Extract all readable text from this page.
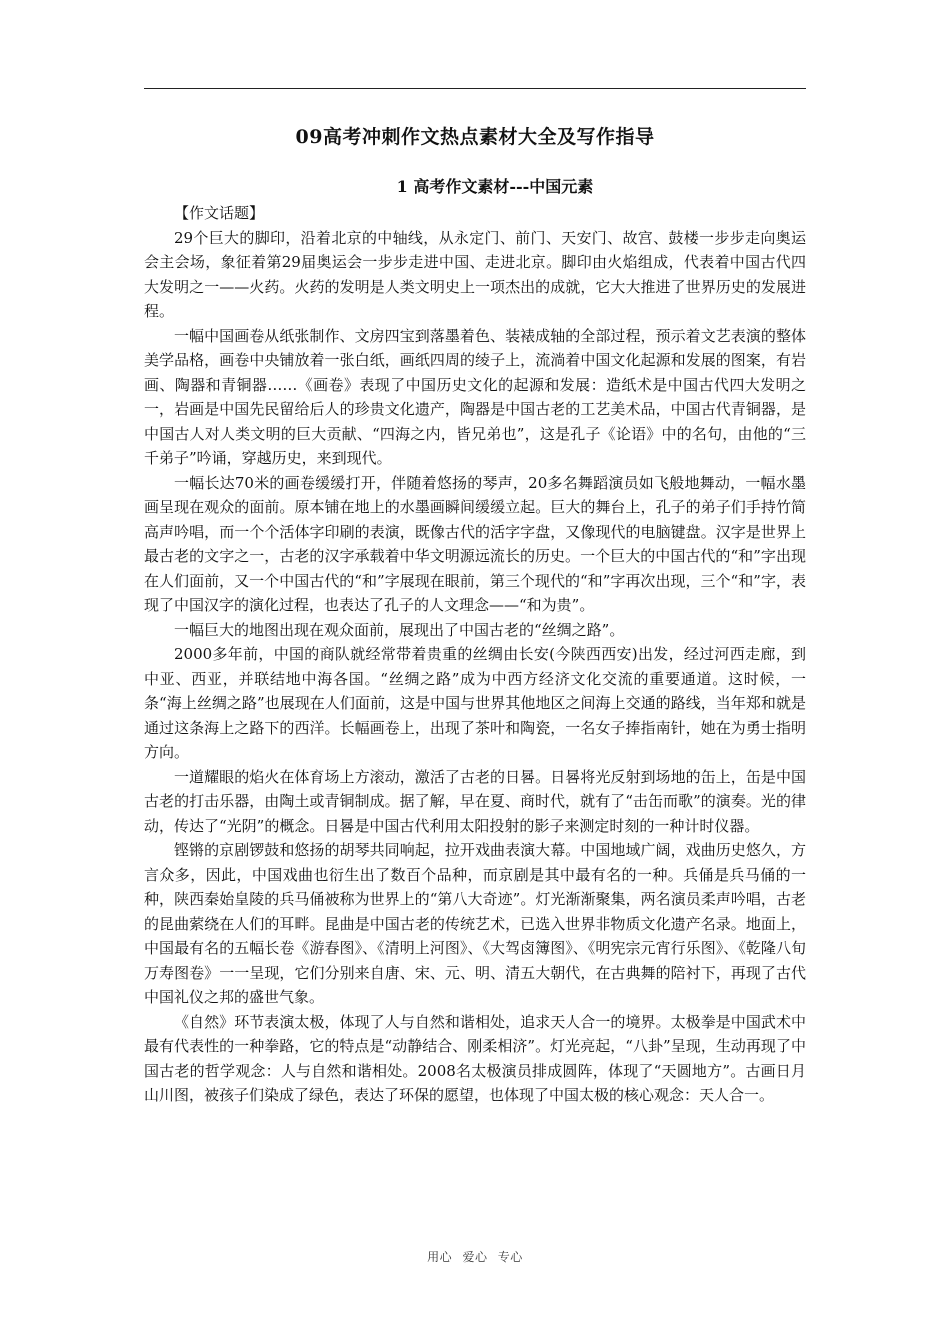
09高考冲刺作文热点素材大全及写作指导
1 高考作文素材---中国元素

【作文话题】

29个巨大的脚印，沿着北京的中轴线，从永定门、前门、天安门、故宫、鼓楼一步步走向奥运会主会场，象征着第29届奥运会一步步走进中国、走进北京。脚印由火焰组成，代表着中国古代四大发明之一——火药。火药的发明是人类文明史上一项杰出的成就，它大大推进了世界历史的发展进程。

一幅中国画卷从纸张制作、文房四宝到落墨着色、装裱成轴的全部过程，预示着文艺表演的整体美学品格，画卷中央铺放着一张白纸，画纸四周的绫子上，流淌着中国文化起源和发展的图案，有岩画、陶器和青铜器……《画卷》表现了中国历史文化的起源和发展：造纸术是中国古代四大发明之一，岩画是中国先民留给后人的珍贵文化遗产，陶器是中国古老的工艺美术品，中国古代青铜器，是中国古人对人类文明的巨大贡献、“四海之内，皆兄弟也”，这是孔子《论语》中的名句，由他的“三千弟子”吟诵，穿越历史，来到现代。

一幅长达70米的画卷缓缓打开，伴随着悠扬的琴声，20多名舞蹈演员如飞般地舞动，一幅水墨画呈现在观众的面前。原本铺在地上的水墨画瞬间缓缓立起。巨大的舞台上，孔子的弟子们手持竹简高声吟唱，而一个个活体字印刷的表演，既像古代的活字字盘，又像现代的电脑键盘。汉字是世界上最古老的文字之一，古老的汉字承载着中华文明源远流长的历史。一个巨大的中国古代的“和”字出现在人们面前，又一个中国古代的“和”字展现在眼前，第三个现代的“和”字再次出现，三个“和”字，表现了中国汉字的演化过程，也表达了孔子的人文理念——“和为贵”。

一幅巨大的地图出现在观众面前，展现出了中国古老的“丝绸之路”。

2000多年前，中国的商队就经常带着贵重的丝绸由长安(今陕西西安)出发，经过河西走廊，到中亚、西亚，并联结地中海各国。“丝绸之路”成为中西方经济文化交流的重要通道。这时候，一条“海上丝绸之路”也展现在人们面前，这是中国与世界其他地区之间海上交通的路线，当年郑和就是通过这条海上之路下的西洋。长幅画卷上，出现了茶叶和陶瓷，一名女子捧指南针，她在为勇士指明方向。

一道耀眼的焰火在体育场上方滚动，激活了古老的日晷。日晷将光反射到场地的缶上，缶是中国古老的打击乐器，由陶土或青铜制成。据了解，早在夏、商时代，就有了“击缶而歌”的演奏。光的律动，传达了“光阴”的概念。日晷是中国古代利用太阳投射的影子来测定时刻的一种计时仪器。

铿锵的京剧锣鼓和悠扬的胡琴共同响起，拉开戏曲表演大幕。中国地域广阔，戏曲历史悠久，方言众多，因此，中国戏曲也衍生出了数百个品种，而京剧是其中最有名的一种。兵俑是兵马俑的一种，陕西秦始皇陵的兵马俑被称为世界上的“第八大奇迹”。灯光渐渐聚集，两名演员柔声吟唱，古老的昆曲萦绕在人们的耳畔。昆曲是中国古老的传统艺术，已选入世界非物质文化遗产名录。地面上，中国最有名的五幅长卷《游春图》、《清明上河图》、《大驾卤簿图》、《明宪宗元宵行乐图》、《乾隆八旬万寿图卷》一一呈现，它们分别来自唐、宋、元、明、清五大朝代，在古典舞的陪衬下，再现了古代中国礼仪之邦的盛世气象。

《自然》环节表演太极，体现了人与自然和谐相处，追求天人合一的境界。太极拳是中国武术中最有代表性的一种拳路，它的特点是“动静结合、刚柔相济”。灯光亮起，“八卦”呈现，生动再现了中国古老的哲学观念：人与自然和谐相处。2008名太极演员排成圆阵，体现了“天圆地方”。古画日月山川图，被孩子们染成了绿色，表达了环保的愿望，也体现了中国太极的核心观念：天人合一。

用心 爱心 专心
